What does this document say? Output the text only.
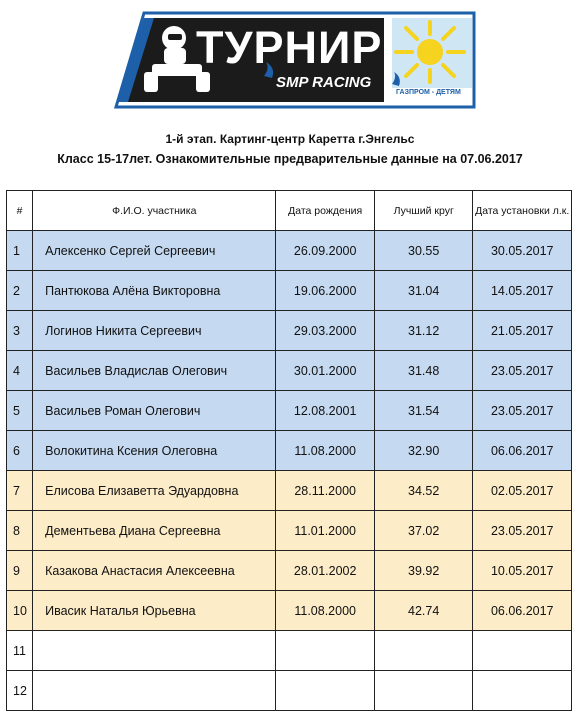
ТУРНИР
SMP RACING
ГАЗПРОМ - ДЕТЯМ
1-й этап. Картинг-центр Каретта г.Энгельс
Класс 15-17лет. Ознакомительные предварительные данные на 07.06.2017
#	Ф.И.О. участника	Дата рождения	Лучший круг	Дата установки л.к.
1	Алексенко Сергей Сергеевич	26.09.2000	30.55	30.05.2017
2	Пантюкова Алёна Викторовна	19.06.2000	31.04	14.05.2017
3	Логинов Никита Сергеевич	29.03.2000	31.12	21.05.2017
4	Васильев Владислав Олегович	30.01.2000	31.48	23.05.2017
5	Васильев Роман Олегович	12.08.2001	31.54	23.05.2017
6	Волокитина Ксения Олеговна	11.08.2000	32.90	06.06.2017
7	Елисова Елизаветта Эдуардовна	28.11.2000	34.52	02.05.2017
8	Дементьева Диана Сергеевна	11.01.2000	37.02	23.05.2017
9	Казакова Анастасия Алексеевна	28.01.2002	39.92	10.05.2017
10	Ивасик Наталья Юрьевна	11.08.2000	42.74	06.06.2017
11				
12				
